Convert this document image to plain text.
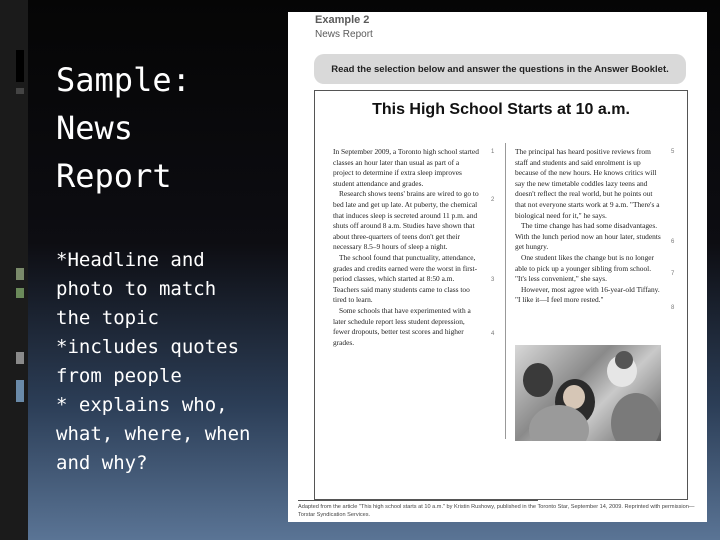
Sample:
News
Report
*Headline and
photo to match
the topic
*includes quotes
from people
* explains who,
what, where, when
and why?
Example 2
News Report
Read the selection below and answer the questions in the Answer Booklet.
This High School Starts at 10 a.m.

In September 2009, a Toronto high school started classes an hour later than usual as part of a project to determine if extra sleep improves student attendance and grades.

Research shows teens' brains are wired to go to bed late and get up late. At puberty, the chemical that induces sleep is secreted around 11 p.m. and shuts off around 8 a.m. Studies have shown that about three-quarters of teens don't get their necessary 8.5–9 hours of sleep a night.

The school found that punctuality, attendance, grades and credits earned were the worst in first-period classes, which started at 8:50 a.m. Teachers said many students came to class too tired to learn.

Some schools that have experimented with a later schedule report less student depression, fewer dropouts, better test scores and higher grades.

1
2
3
4

The principal has heard positive reviews from staff and students and said enrolment is up because of the new hours. He knows critics will say the new timetable coddles lazy teens and doesn't reflect the real world, but he points out that not everyone starts work at 9 a.m. "There's a biological need for it," he says.

The time change has had some disadvantages. With the lunch period now an hour later, students get hungry.

One student likes the change but is no longer able to pick up a younger sibling from school. "It's less convenient," she says.

However, most agree with 16-year-old Tiffany. "I like it—I feel more rested."

5
6
7
8
Adapted from the article "This high school starts at 10 a.m." by Kristin Rushowy, published in the Toronto Star, September 14, 2009. Reprinted with permission—Torstar Syndication Services.
